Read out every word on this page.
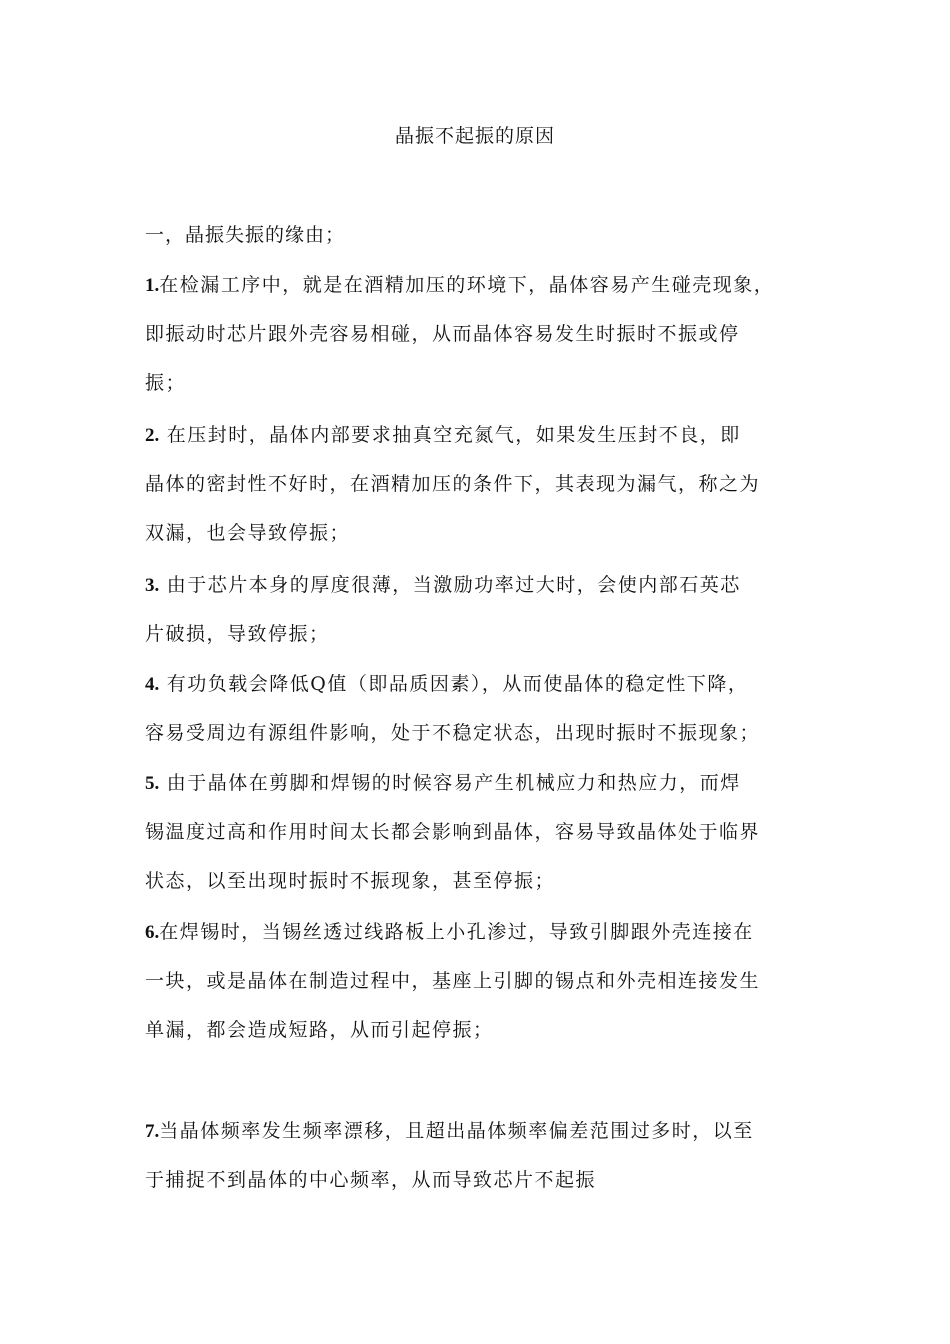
晶振不起振的原因
一，晶振失振的缘由；
1.在检漏工序中，就是在酒精加压的环境下，晶体容易产生碰壳现象，
即振动时芯片跟外壳容易相碰，从而晶体容易发生时振时不振或停
振；
2. 在压封时，晶体内部要求抽真空充氮气，如果发生压封不良，即
晶体的密封性不好时，在酒精加压的条件下，其表现为漏气，称之为
双漏，也会导致停振；
3. 由于芯片本身的厚度很薄，当激励功率过大时，会使内部石英芯
片破损，导致停振；
4. 有功负载会降低Q值（即品质因素），从而使晶体的稳定性下降，
容易受周边有源组件影响，处于不稳定状态，出现时振时不振现象；
5. 由于晶体在剪脚和焊锡的时候容易产生机械应力和热应力，而焊
锡温度过高和作用时间太长都会影响到晶体，容易导致晶体处于临界
状态，以至出现时振时不振现象，甚至停振；
6.在焊锡时，当锡丝透过线路板上小孔渗过，导致引脚跟外壳连接在
一块，或是晶体在制造过程中，基座上引脚的锡点和外壳相连接发生
单漏，都会造成短路，从而引起停振；
7.当晶体频率发生频率漂移，且超出晶体频率偏差范围过多时，以至
于捕捉不到晶体的中心频率，从而导致芯片不起振
